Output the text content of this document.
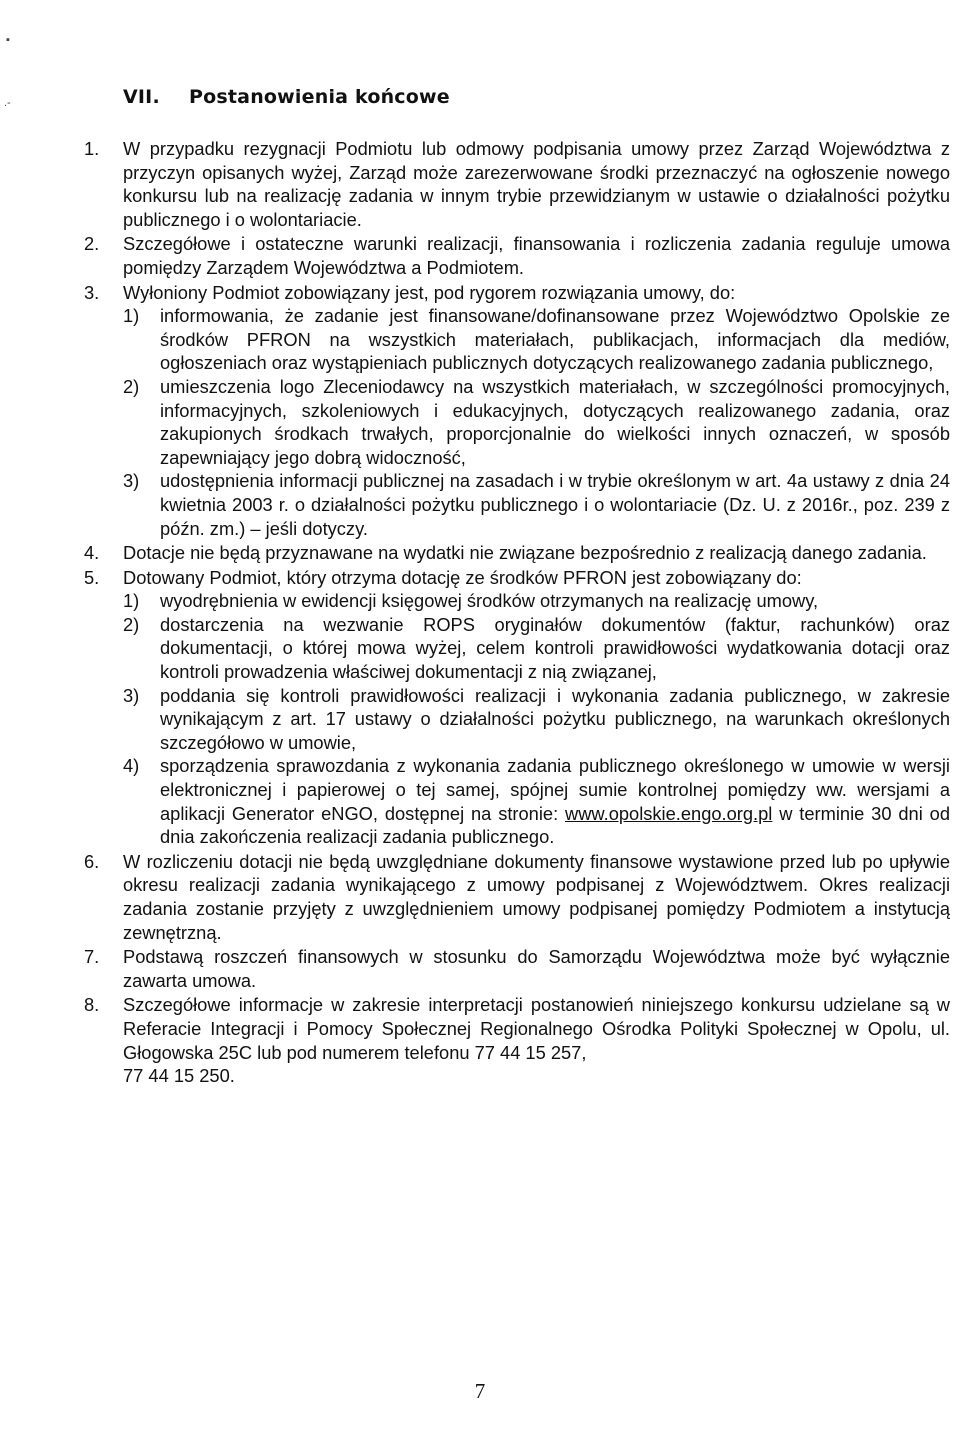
▪
.-	VII. Postanowienia końcowe
1. W przypadku rezygnacji Podmiotu lub odmowy podpisania umowy przez Zarząd Województwa z przyczyn opisanych wyżej, Zarząd może zarezerwowane środki przeznaczyć na ogłoszenie nowego konkursu lub na realizację zadania w innym trybie przewidzianym w ustawie o działalności pożytku publicznego i o wolontariacie.
2. Szczegółowe i ostateczne warunki realizacji, finansowania i rozliczenia zadania reguluje umowa pomiędzy Zarządem Województwa a Podmiotem.
3. Wyłoniony Podmiot zobowiązany jest, pod rygorem rozwiązania umowy, do:
1) informowania, że zadanie jest finansowane/dofinansowane przez Województwo Opolskie ze środków PFRON na wszystkich materiałach, publikacjach, informacjach dla mediów, ogłoszeniach oraz wystąpieniach publicznych dotyczących realizowanego zadania publicznego,
2) umieszczenia logo Zleceniodawcy na wszystkich materiałach, w szczególności promocyjnych, informacyjnych, szkoleniowych i edukacyjnych, dotyczących realizowanego zadania, oraz zakupionych środkach trwałych, proporcjonalnie do wielkości innych oznaczeń, w sposób zapewniający jego dobrą widoczność,
3) udostępnienia informacji publicznej na zasadach i w trybie określonym w art. 4a ustawy z dnia 24 kwietnia 2003 r. o działalności pożytku publicznego i o wolontariacie (Dz. U. z 2016r., poz. 239 z późn. zm.) – jeśli dotyczy.
4. Dotacje nie będą przyznawane na wydatki nie związane bezpośrednio z realizacją danego zadania.
5. Dotowany Podmiot, który otrzyma dotację ze środków PFRON jest zobowiązany do:
1) wyodrębnienia w ewidencji księgowej środków otrzymanych na realizację umowy,
2) dostarczenia na wezwanie ROPS oryginałów dokumentów (faktur, rachunków) oraz dokumentacji, o której mowa wyżej, celem kontroli prawidłowości wydatkowania dotacji oraz kontroli prowadzenia właściwej dokumentacji z nią związanej,
3) poddania się kontroli prawidłowości realizacji i wykonania zadania publicznego, w zakresie wynikającym z art. 17 ustawy o działalności pożytku publicznego, na warunkach określonych szczegółowo w umowie,
4) sporządzenia sprawozdania z wykonania zadania publicznego określonego w umowie w wersji elektronicznej i papierowej o tej samej, spójnej sumie kontrolnej pomiędzy ww. wersjami a aplikacji Generator eNGO, dostępnej na stronie: www.opolskie.engo.org.pl w terminie 30 dni od dnia zakończenia realizacji zadania publicznego.
6. W rozliczeniu dotacji nie będą uwzględniane dokumenty finansowe wystawione przed lub po upływie okresu realizacji zadania wynikającego z umowy podpisanej z Województwem. Okres realizacji zadania zostanie przyjęty z uwzględnieniem umowy podpisanej pomiędzy Podmiotem a instytucją zewnętrzną.
7. Podstawą roszczeń finansowych w stosunku do Samorządu Województwa może być wyłącznie zawarta umowa.
8. Szczegółowe informacje w zakresie interpretacji postanowień niniejszego konkursu udzielane są w Referacie Integracji i Pomocy Społecznej Regionalnego Ośrodka Polityki Społecznej w Opolu, ul. Głogowska 25C lub pod numerem telefonu 77 44 15 257,
77 44 15 250.
7
